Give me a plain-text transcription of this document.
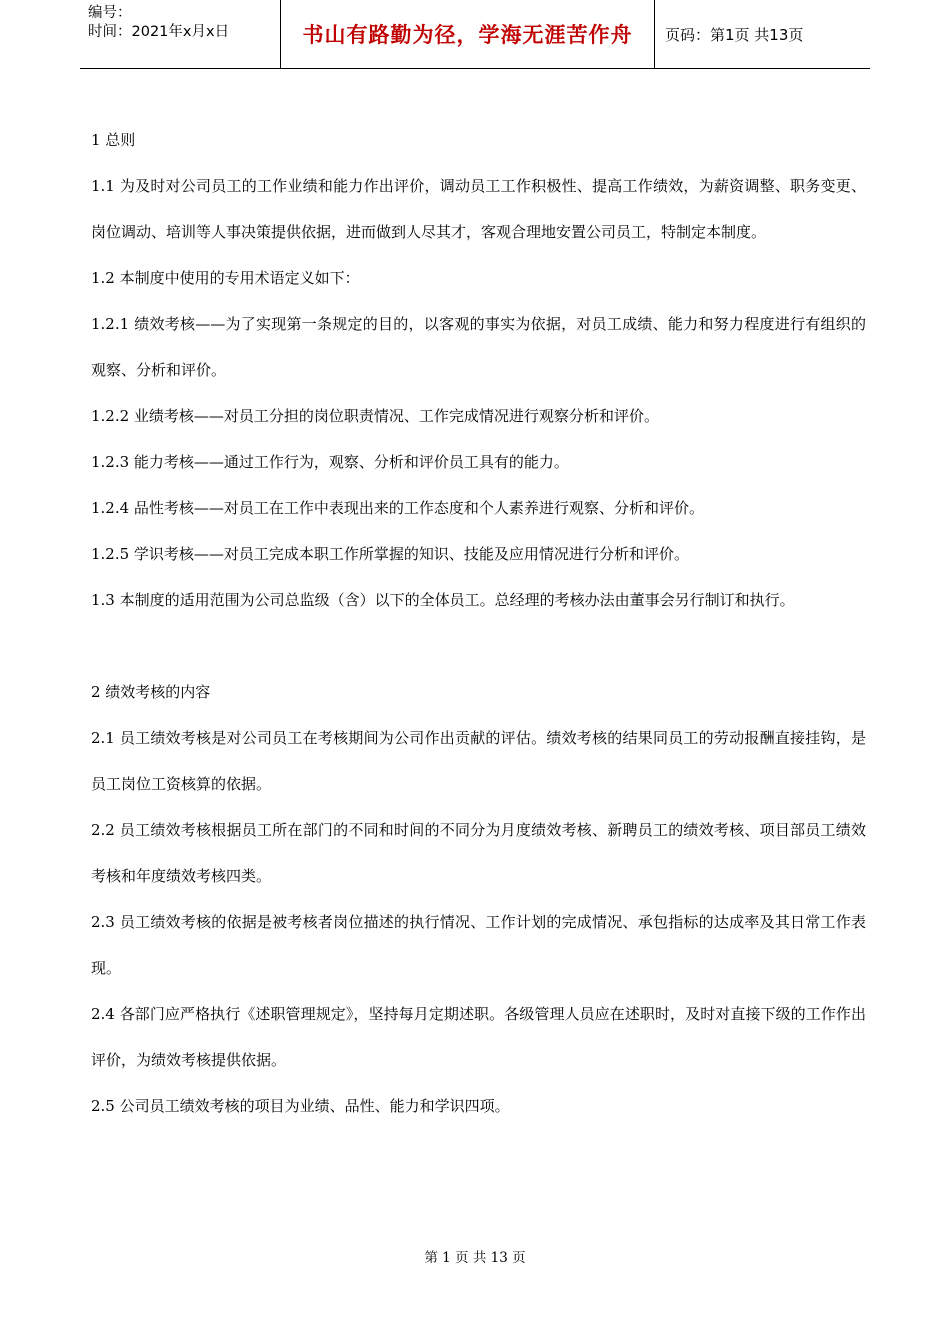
编号：
时间：2021年x月x日	书山有路勤为径，学海无涯苦作舟	页码：第1页 共13页

1 总则

1.1 为及时对公司员工的工作业绩和能力作出评价，调动员工工作积极性、提高工作绩效，为薪资调整、职务变更、岗位调动、培训等人事决策提供依据，进而做到人尽其才，客观合理地安置公司员工，特制定本制度。

1.2 本制度中使用的专用术语定义如下：

1.2.1 绩效考核——为了实现第一条规定的目的，以客观的事实为依据，对员工成绩、能力和努力程度进行有组织的观察、分析和评价。

1.2.2 业绩考核——对员工分担的岗位职责情况、工作完成情况进行观察分析和评价。

1.2.3 能力考核——通过工作行为，观察、分析和评价员工具有的能力。

1.2.4 品性考核——对员工在工作中表现出来的工作态度和个人素养进行观察、分析和评价。

1.2.5 学识考核——对员工完成本职工作所掌握的知识、技能及应用情况进行分析和评价。

1.3 本制度的适用范围为公司总监级（含）以下的全体员工。总经理的考核办法由董事会另行制订和执行。

2 绩效考核的内容

2.1 员工绩效考核是对公司员工在考核期间为公司作出贡献的评估。绩效考核的结果同员工的劳动报酬直接挂钩，是员工岗位工资核算的依据。

2.2 员工绩效考核根据员工所在部门的不同和时间的不同分为月度绩效考核、新聘员工的绩效考核、项目部员工绩效考核和年度绩效考核四类。

2.3 员工绩效考核的依据是被考核者岗位描述的执行情况、工作计划的完成情况、承包指标的达成率及其日常工作表现。

2.4 各部门应严格执行《述职管理规定》，坚持每月定期述职。各级管理人员应在述职时，及时对直接下级的工作作出评价，为绩效考核提供依据。

2.5 公司员工绩效考核的项目为业绩、品性、能力和学识四项。

第 1 页 共 13 页
